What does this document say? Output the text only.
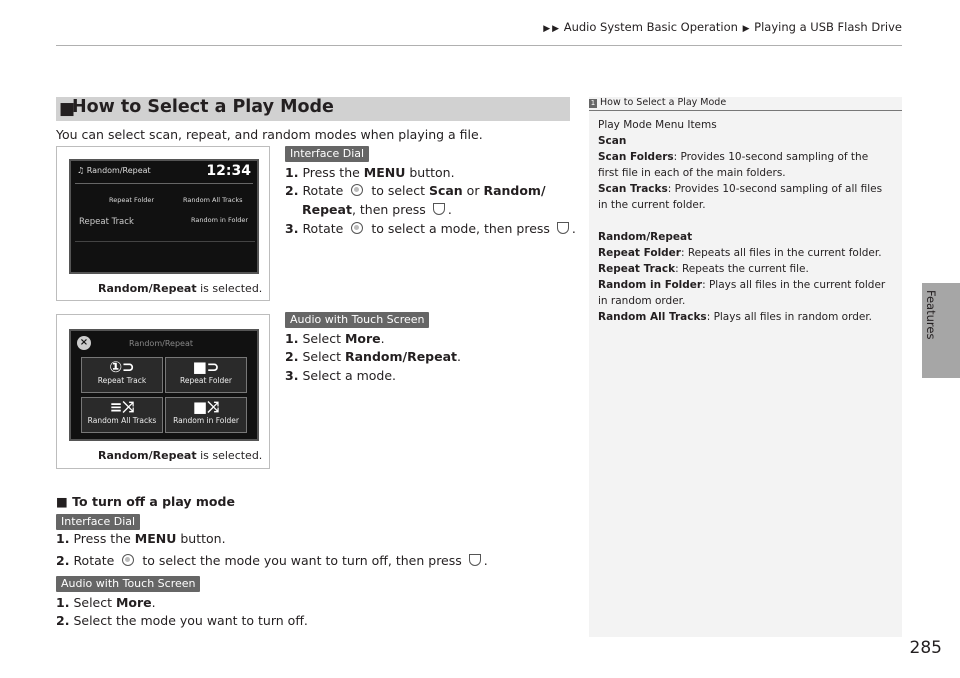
▶ ▶ Audio System Basic Operation ▶ Playing a USB Flash Drive
Features
285
■
How to Select a Play Mode
You can select scan, repeat, and random modes when playing a file.
♫ Random/Repeat	12:34
Repeat Folder	Random All Tracks
Repeat Track	Random in Folder
Random/Repeat is selected.
Interface Dial
1. Press the MENU button.
2. Rotate  to select Scan or Random/
Repeat, then press .
3. Rotate  to select a mode, then press .
×	Random/Repeat
①⊃
Repeat Track
■⊃
Repeat Folder
≡⤨
Random All Tracks
■⤨
Random in Folder
Random/Repeat is selected.
Audio with Touch Screen
1. Select More.
2. Select Random/Repeat.
3. Select a mode.
■ To turn off a play mode
Interface Dial
1. Press the MENU button.
2. Rotate  to select the mode you want to turn off, then press .
Audio with Touch Screen
1. Select More.
2. Select the mode you want to turn off.
1 How to Select a Play Mode
Play Mode Menu Items
Scan
Scan Folders: Provides 10-second sampling of the
first file in each of the main folders.
Scan Tracks: Provides 10-second sampling of all files
in the current folder.

Random/Repeat
Repeat Folder: Repeats all files in the current folder.
Repeat Track: Repeats the current file.
Random in Folder: Plays all files in the current folder
in random order.
Random All Tracks: Plays all files in random order.
